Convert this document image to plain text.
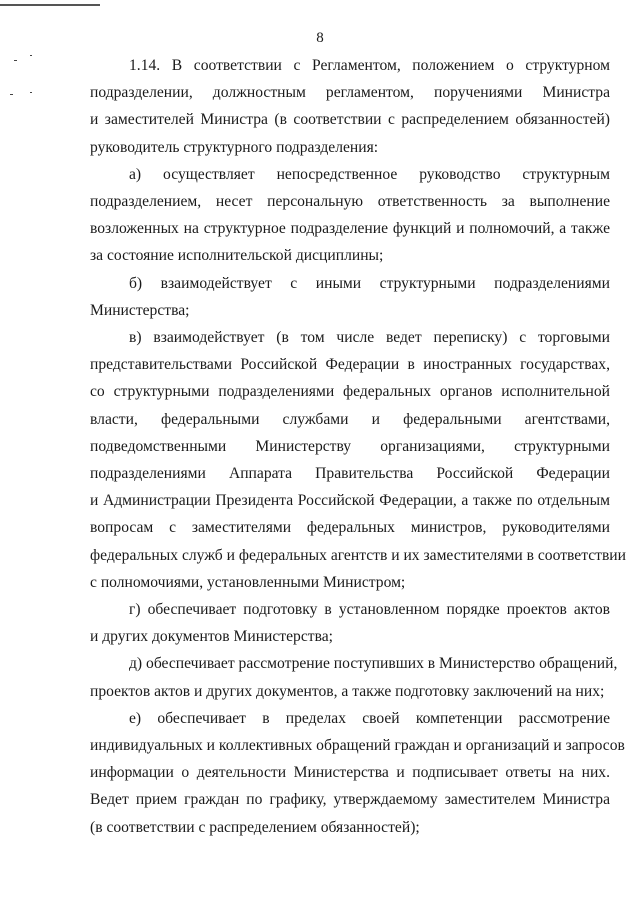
8

1.14. В соответствии с Регламентом, положением о структурном
подразделении, должностным регламентом, поручениями Министра
и заместителей Министра (в соответствии с распределением обязанностей)
руководитель структурного подразделения:

а) осуществляет непосредственное руководство структурным
подразделением, несет персональную ответственность за выполнение
возложенных на структурное подразделение функций и полномочий, а также
за состояние исполнительской дисциплины;

б) взаимодействует с иными структурными подразделениями
Министерства;

в) взаимодействует (в том числе ведет переписку) с торговыми
представительствами Российской Федерации в иностранных государствах,
со структурными подразделениями федеральных органов исполнительной
власти, федеральными службами и федеральными агентствами,
подведомственными Министерству организациями, структурными
подразделениями Аппарата Правительства Российской Федерации
и Администрации Президента Российской Федерации, а также по отдельным
вопросам с заместителями федеральных министров, руководителями
федеральных служб и федеральных агентств и их заместителями в соответствии
с полномочиями, установленными Министром;

г) обеспечивает подготовку в установленном порядке проектов актов
и других документов Министерства;

д) обеспечивает рассмотрение поступивших в Министерство обращений,
проектов актов и других документов, а также подготовку заключений на них;

е) обеспечивает в пределах своей компетенции рассмотрение
индивидуальных и коллективных обращений граждан и организаций и запросов
информации о деятельности Министерства и подписывает ответы на них.
Ведет прием граждан по графику, утверждаемому заместителем Министра
(в соответствии с распределением обязанностей);
